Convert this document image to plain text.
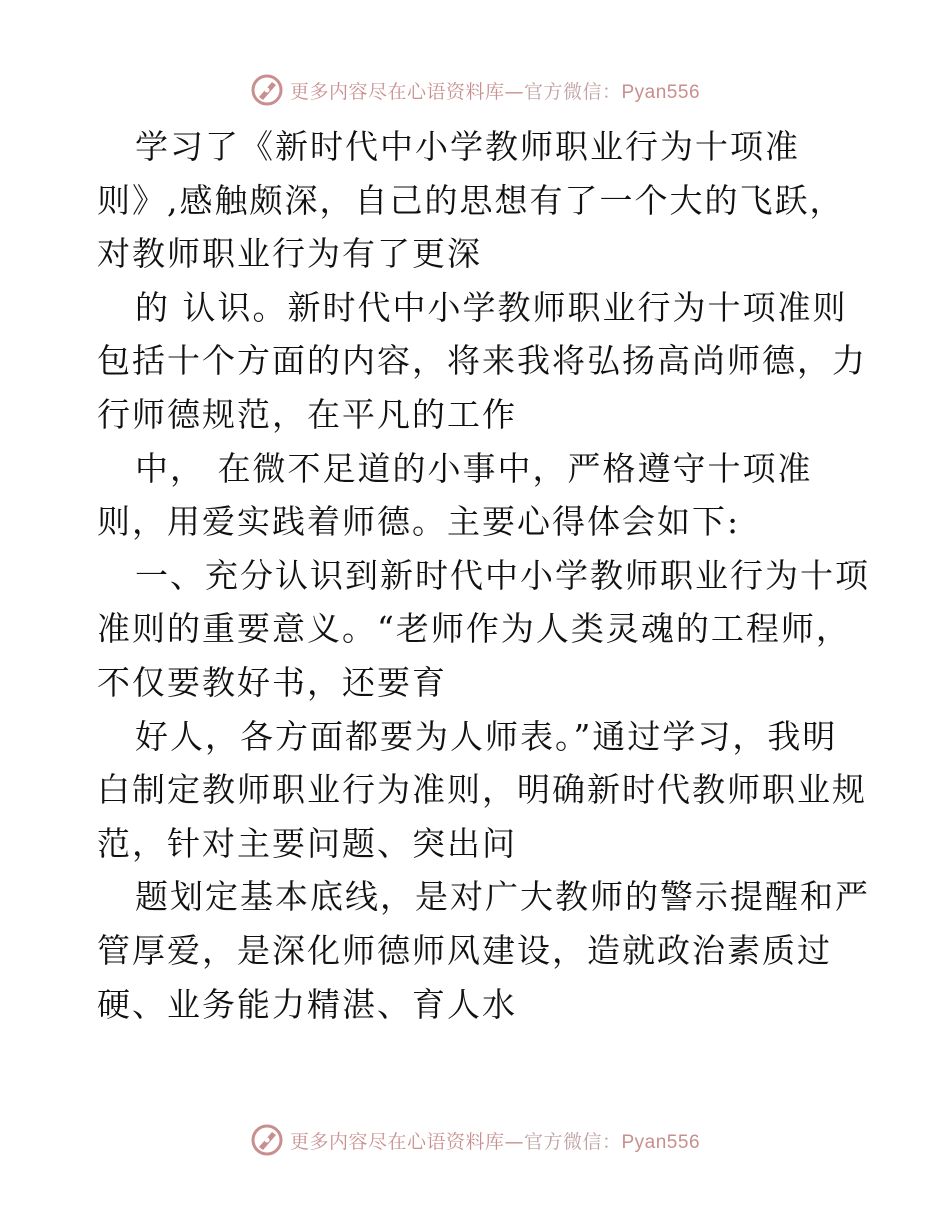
更多内容尽在心语资料库—官方微信：Pyan556
学习了《新时代中小学教师职业行为十项准
则》,感触颇深，自己的思想有了一个大的飞跃，
对教师职业行为有了更深
的 认识。新时代中小学教师职业行为十项准则
包括十个方面的内容，将来我将弘扬高尚师德，力
行师德规范，在平凡的工作
中， 在微不足道的小事中，严格遵守十项准
则，用爱实践着师德。主要心得体会如下:
一、充分认识到新时代中小学教师职业行为十项
准则的重要意义。“老师作为人类灵魂的工程师，
不仅要教好书，还要育
好人，各方面都要为人师表。”通过学习，我明
白制定教师职业行为准则，明确新时代教师职业规
范，针对主要问题、突出问
题划定基本底线，是对广大教师的警示提醒和严
管厚爱，是深化师德师风建设，造就政治素质过
硬、业务能力精湛、育人水
更多内容尽在心语资料库—官方微信：Pyan556
